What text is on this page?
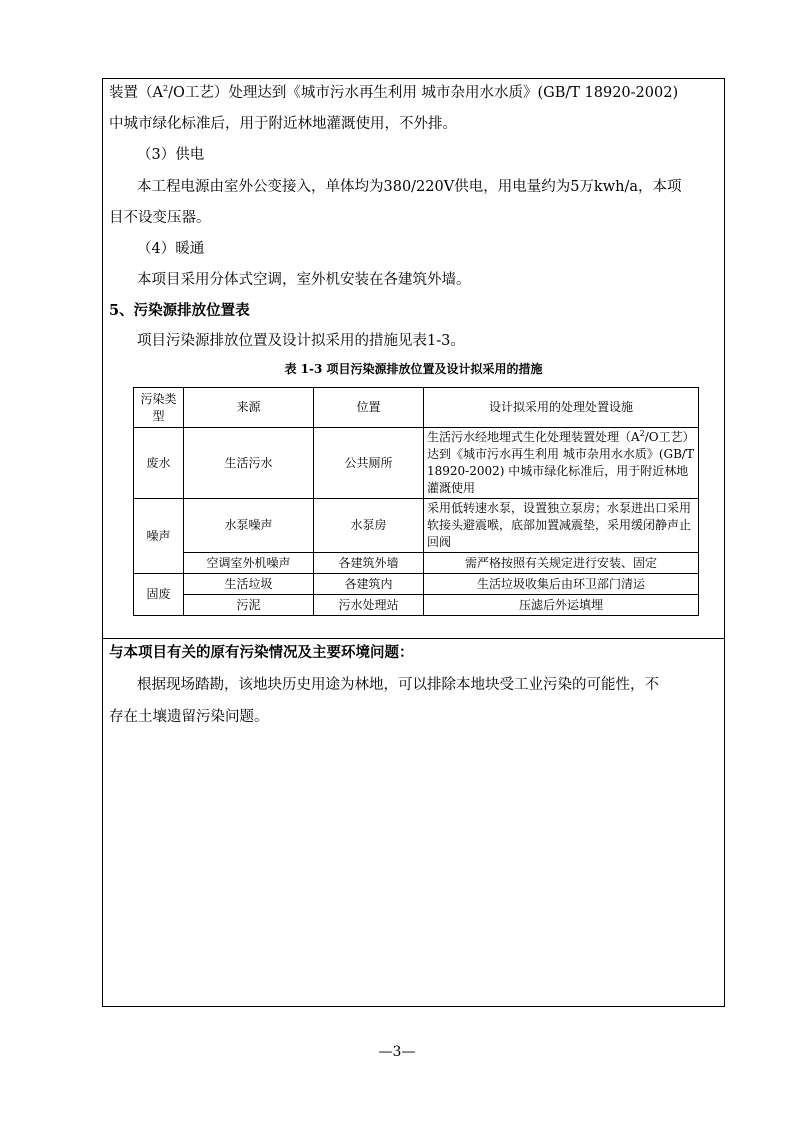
装置（$A^2/O$工艺）处理达到《城市污水再生利用 城市杂用水水质》(GB/T 18920-2002)
中城市绿化标准后，用于附近林地灌溉使用，不外排。
（3）供电
本工程电源由室外公变接入，单体均为380/220V供电，用电量约为5万kwh/a，本项
目不设变压器。
（4）暖通
本项目采用分体式空调，室外机安装在各建筑外墙。
5、污染源排放位置表
项目污染源排放位置及设计拟采用的措施见表1-3。
表 1-3 项目污染源排放位置及设计拟采用的措施
污染类型	来源	位置	设计拟采用的处理处置设施
废水	生活污水	公共厕所	生活污水经地埋式生化处理装置处理（$A^2/O$工艺）达到《城市污水再生利用 城市杂用水水质》(GB/T 18920-2002) 中城市绿化标准后，用于附近林地灌溉使用
噪声	水泵噪声	水泵房	采用低转速水泵，设置独立泵房；水泵进出口采用软接头避震喉，底部加置减震垫，采用缓闭静声止回阀
	空调室外机噪声	各建筑外墙	需严格按照有关规定进行安装、固定
固废	生活垃圾	各建筑内	生活垃圾收集后由环卫部门清运
	污泥	污水处理站	压滤后外运填埋
与本项目有关的原有污染情况及主要环境问题：
根据现场踏勘，该地块历史用途为林地，可以排除本地块受工业污染的可能性，不
存在土壤遗留污染问题。
—3—
